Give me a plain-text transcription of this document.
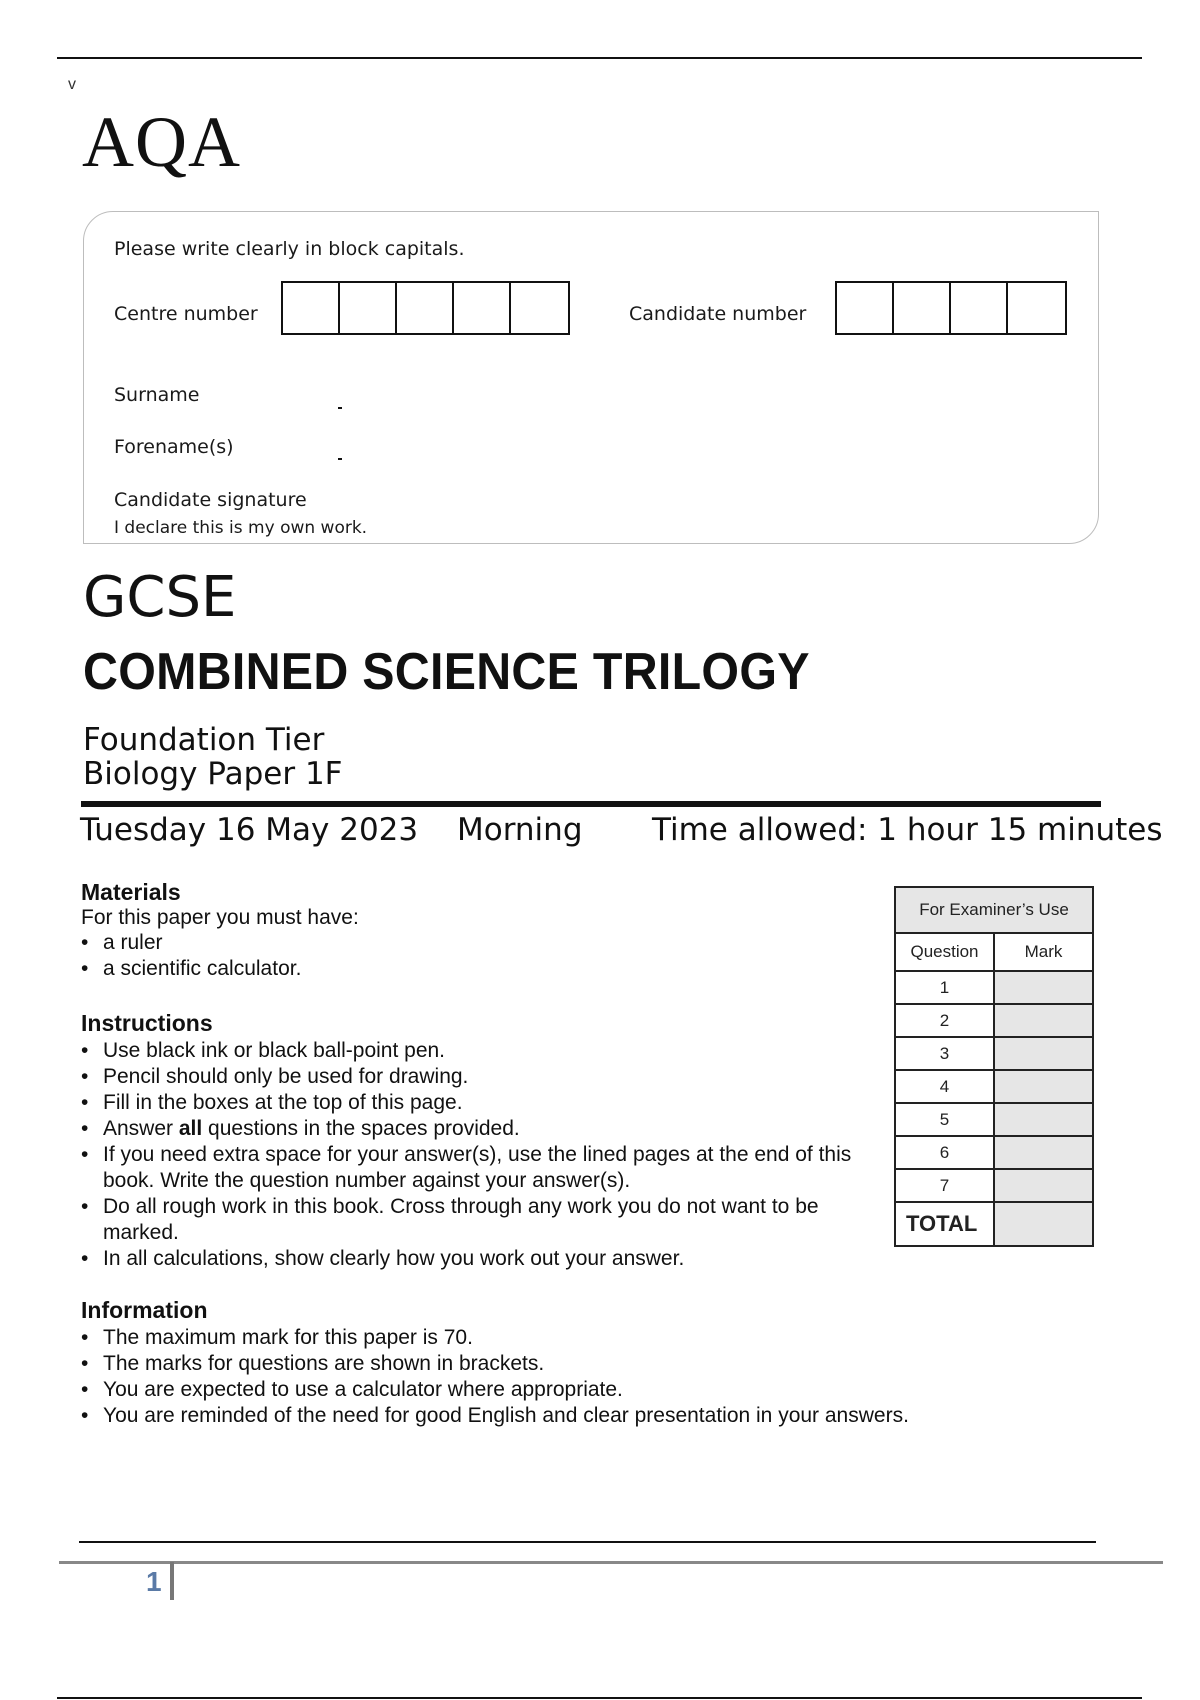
v
AQA
Please write clearly in block capitals.
Centre number	Candidate number
Surname
Forename(s)
Candidate signature
I declare this is my own work.
GCSE
COMBINED SCIENCE TRILOGY
Foundation Tier
Biology Paper 1F
Tuesday 16 May 2023 Morning Time allowed: 1 hour 15 minutes
Materials
For this paper you must have:
• a ruler
• a scientific calculator.
Instructions
• Use black ink or black ball-point pen.
• Pencil should only be used for drawing.
• Fill in the boxes at the top of this page.
• Answer all questions in the spaces provided.
• If you need extra space for your answer(s), use the lined pages at the end of this book. Write the question number against your answer(s).
• Do all rough work in this book. Cross through any work you do not want to be marked.
• In all calculations, show clearly how you work out your answer.
Information
• The maximum mark for this paper is 70.
• The marks for questions are shown in brackets.
• You are expected to use a calculator where appropriate.
• You are reminded of the need for good English and clear presentation in your answers.
For Examiner’s Use	
Question	Mark
1	
2	
3	
4	
5	
6	
7	
TOTAL	
1
